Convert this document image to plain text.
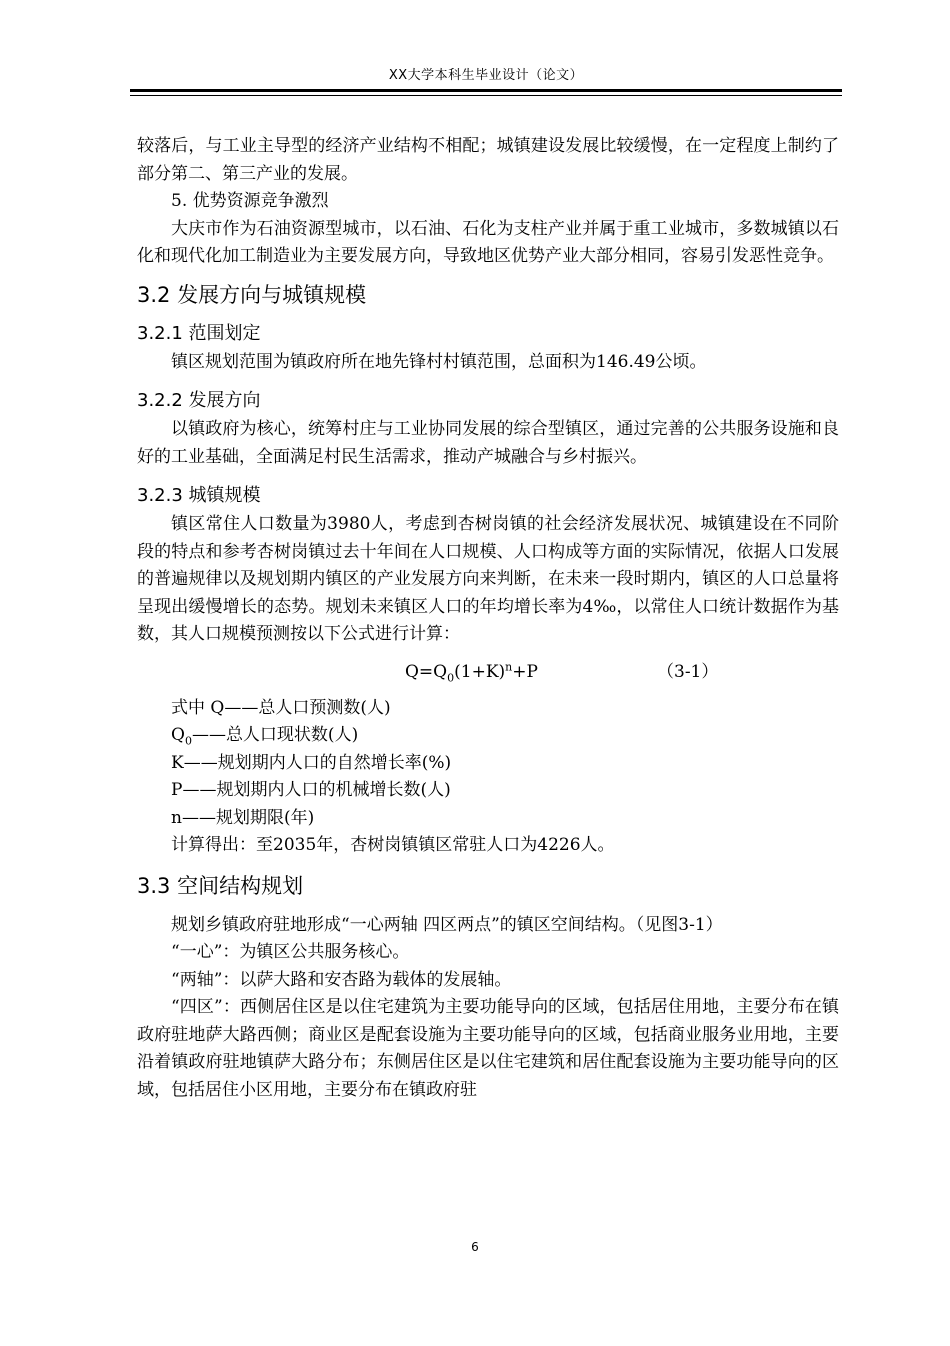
XX大学本科生毕业设计（论文）

较落后，与工业主导型的经济产业结构不相配；城镇建设发展比较缓慢，在一定程度上制约了部分第二、第三产业的发展。

5. 优势资源竞争激烈

大庆市作为石油资源型城市，以石油、石化为支柱产业并属于重工业城市，多数城镇以石化和现代化加工制造业为主要发展方向，导致地区优势产业大部分相同，容易引发恶性竞争。

3.2 发展方向与城镇规模
3.2.1 范围划定

镇区规划范围为镇政府所在地先锋村村镇范围，总面积为146.49公顷。

3.2.2 发展方向

以镇政府为核心，统筹村庄与工业协同发展的综合型镇区，通过完善的公共服务设施和良好的工业基础，全面满足村民生活需求，推动产城融合与乡村振兴。

3.2.3 城镇规模

镇区常住人口数量为3980人，考虑到杏树岗镇的社会经济发展状况、城镇建设在不同阶段的特点和参考杏树岗镇过去十年间在人口规模、人口构成等方面的实际情况，依据人口发展的普遍规律以及规划期内镇区的产业发展方向来判断，在未来一段时期内，镇区的人口总量将呈现出缓慢增长的态势。规划未来镇区人口的年均增长率为4‰，以常住人口统计数据作为基数，其人口规模预测按以下公式进行计算：

$Q=Q_0(1+K)^n+P$	（3-1）

式中 Q——总人口预测数(人)

$Q_0——$总人口现状数(人)

K——规划期内人口的自然增长率(%)

P——规划期内人口的机械增长数(人)

n——规划期限(年)

计算得出：至2035年，杏树岗镇镇区常驻人口为4226人。

3.3 空间结构规划

规划乡镇政府驻地形成“一心两轴 四区两点”的镇区空间结构。（见图3-1）

“一心”：为镇区公共服务核心。

“两轴”：以萨大路和安杏路为载体的发展轴。

“四区”：西侧居住区是以住宅建筑为主要功能导向的区域，包括居住用地，主要分布在镇政府驻地萨大路西侧；商业区是配套设施为主要功能导向的区域，包括商业服务业用地，主要沿着镇政府驻地镇萨大路分布；东侧居住区是以住宅建筑和居住配套设施为主要功能导向的区域，包括居住小区用地，主要分布在镇政府驻

6
